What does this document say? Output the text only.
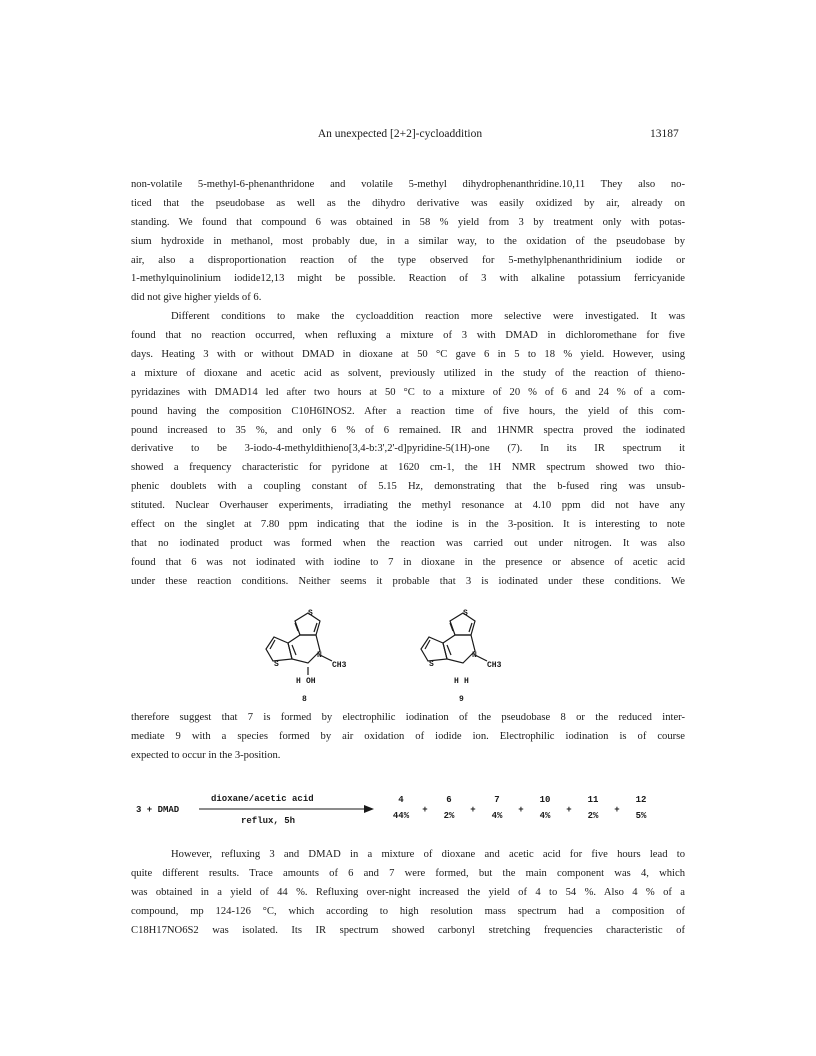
An unexpected [2+2]-cycloaddition	13187
non-volatile 5-methyl-6-phenanthridone and volatile 5-methyl dihydrophenanthridine.10,11 They also no-
ticed that the pseudobase as well as the dihydro derivative was easily oxidized by air, already on
standing. We found that compound 6 was obtained in 58 % yield from 3 by treatment only with potas-
sium hydroxide in methanol, most probably due, in a similar way, to the oxidation of the pseudobase by
air, also a disproportionation reaction of the type observed for 5-methylphenanthridinium iodide or
1-methylquinolinium iodide12,13 might be possible. Reaction of 3 with alkaline potassium ferricyanide
did not give higher yields of 6.
Different conditions to make the cycloaddition reaction more selective were investigated. It was
found that no reaction occurred, when refluxing a mixture of 3 with DMAD in dichloromethane for five
days. Heating 3 with or without DMAD in dioxane at 50 °C gave 6 in 5 to 18 % yield. However, using
a mixture of dioxane and acetic acid as solvent, previously utilized in the study of the reaction of thieno-
pyridazines with DMAD14 led after two hours at 50 °C to a mixture of 20 % of 6 and 24 % of a com-
pound having the composition C10H6INOS2. After a reaction time of five hours, the yield of this com-
pound increased to 35 %, and only 6 % of 6 remained. IR and 1HNMR spectra proved the iodinated
derivative to be 3-iodo-4-methyldithieno[3,4-b:3',2'-d]pyridine-5(1H)-one (7). In its IR spectrum it
showed a frequency characteristic for pyridone at 1620 cm-1, the 1H NMR spectrum showed two thio-
phenic doublets with a coupling constant of 5.15 Hz, demonstrating that the b-fused ring was unsub-
stituted. Nuclear Overhauser experiments, irradiating the methyl resonance at 4.10 ppm did not have any
effect on the singlet at 7.80 ppm indicating that the iodine is in the 3-position. It is interesting to note
that no iodinated product was formed when the reaction was carried out under nitrogen. It was also
found that 6 was not iodinated with iodine to 7 in dioxane in the presence or absence of acetic acid
under these reaction conditions. Neither seems it probable that 3 is iodinated under these conditions. We
S
S
N
CH3
H OH
8
S
S
N
CH3
H H
9
therefore suggest that 7 is formed by electrophilic iodination of the pseudobase 8 or the reduced inter-
mediate 9 with a species formed by air oxidation of iodide ion. Electrophilic iodination is of course
expected to occur in the 3-position.
3 + DMAD
dioxane/acetic acid
reflux, 5h
4
44%
+
6
2%
+
7
4%
+
10
4%
+
11
2%
+
12
5%
However, refluxing 3 and DMAD in a mixture of dioxane and acetic acid for five hours lead to
quite different results. Trace amounts of 6 and 7 were formed, but the main component was 4, which
was obtained in a yield of 44 %. Refluxing over-night increased the yield of 4 to 54 %. Also 4 % of a
compound, mp 124-126 °C, which according to high resolution mass spectrum had a composition of
C18H17NO6S2 was isolated. Its IR spectrum showed carbonyl stretching frequencies characteristic of
